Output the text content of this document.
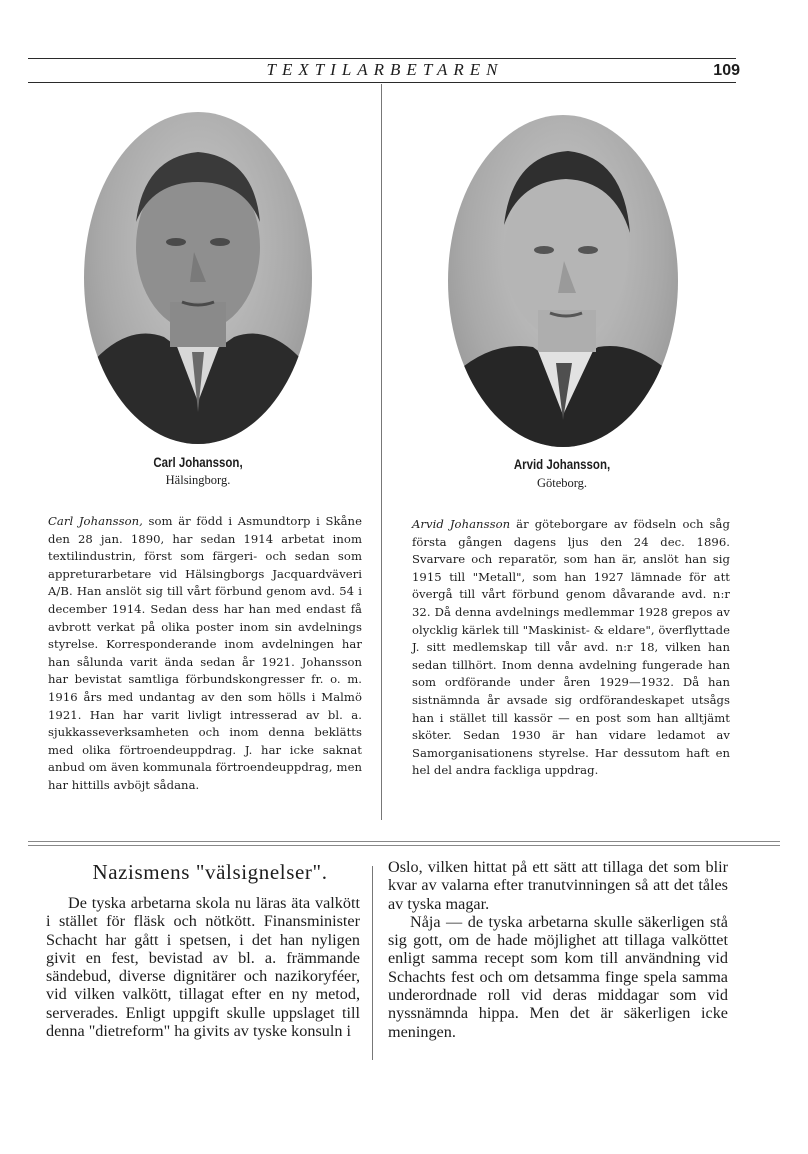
TEXTILARBETAREN	109
Carl Johansson,
Hälsingborg.
Arvid Johansson,
Göteborg.
Carl Johansson, som är född i Asmundtorp i Skåne den 28 jan. 1890, har sedan 1914 arbetat inom textilindustrin, först som färgeri- och sedan som appreturarbetare vid Hälsingborgs Jacquardväveri A/B. Han anslöt sig till vårt förbund genom avd. 54 i december 1914. Sedan dess har han med endast få avbrott verkat på olika poster inom sin avdelnings styrelse. Korresponderande inom avdelningen har han sålunda varit ända sedan år 1921. Johansson har bevistat samtliga förbundskongresser fr. o. m. 1916 års med undantag av den som hölls i Malmö 1921. Han har varit livligt intresserad av bl. a. sjukkasseverksamheten och inom denna beklätts med olika förtroendeuppdrag. J. har icke saknat anbud om även kommunala förtroendeuppdrag, men har hittills avböjt sådana.
Arvid Johansson är göteborgare av födseln och såg första gången dagens ljus den 24 dec. 1896. Svarvare och reparatör, som han är, anslöt han sig 1915 till "Metall", som han 1927 lämnade för att övergå till vårt förbund genom dåvarande avd. n:r 32. Då denna avdelnings medlemmar 1928 grepos av olycklig kärlek till "Maskinist- & eldare", överflyttade J. sitt medlemskap till vår avd. n:r 18, vilken han sedan tillhört. Inom denna avdelning fungerade han som ordförande under åren 1929—1932. Då han sistnämnda år avsade sig ordförandeskapet utsågs han i stället till kassör — en post som han alltjämt sköter. Sedan 1930 är han vidare ledamot av Samorganisationens styrelse. Har dessutom haft en hel del andra fackliga uppdrag.
Nazismens "välsignelser".

De tyska arbetarna skola nu läras äta valkött i stället för fläsk och nötkött. Finansminister Schacht har gått i spetsen, i det han nyligen givit en fest, bevistad av bl. a. främmande sändebud, diverse dignitärer och nazikoryféer, vid vilken valkött, tillagat efter en ny metod, serverades. Enligt uppgift skulle uppslaget till denna "dietreform" ha givits av tyske konsuln i

Oslo, vilken hittat på ett sätt att tillaga det som blir kvar av valarna efter tranutvinningen så att det tåles av tyska magar.

Nåja — de tyska arbetarna skulle säkerligen stå sig gott, om de hade möjlighet att tillaga valköttet enligt samma recept som kom till användning vid Schachts fest och om detsamma finge spela samma underordnade roll vid deras middagar som vid nyssnämnda hippa. Men det är säkerligen icke meningen.
